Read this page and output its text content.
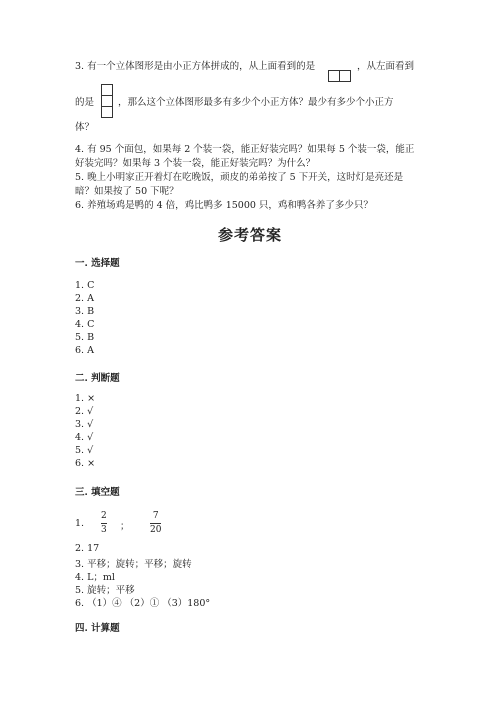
3. 有一个立体图形是由小正方体拼成的，从上面看到的是	，从左面看到
的是	，那么这个立体图形最多有多少个小正方体？最少有多少个小正方
体？
4. 有 95 个面包，如果每 2 个装一袋，能正好装完吗？如果每 5 个装一袋，能正
好装完吗？如果每 3 个装一袋，能正好装完吗？为什么？
5. 晚上小明家正开着灯在吃晚饭，顽皮的弟弟按了 5 下开关，这时灯是亮还是
暗？如果按了 50 下呢？
6. 养殖场鸡是鸭的 4 倍，鸡比鸭多 15000 只，鸡和鸭各养了多少只？
参考答案
一. 选择题
1. C
2. A
3. B
4. C
5. B
6. A
二. 判断题
1. ×
2. √
3. √
4. √
5. √
6. ×
三. 填空题
1.
2
3 ；
7
20
2. 17
3. 平移；旋转；平移；旋转
4. L；ml
5. 旋转；平移
6. （1）④ （2）① （3）180°
四. 计算题
